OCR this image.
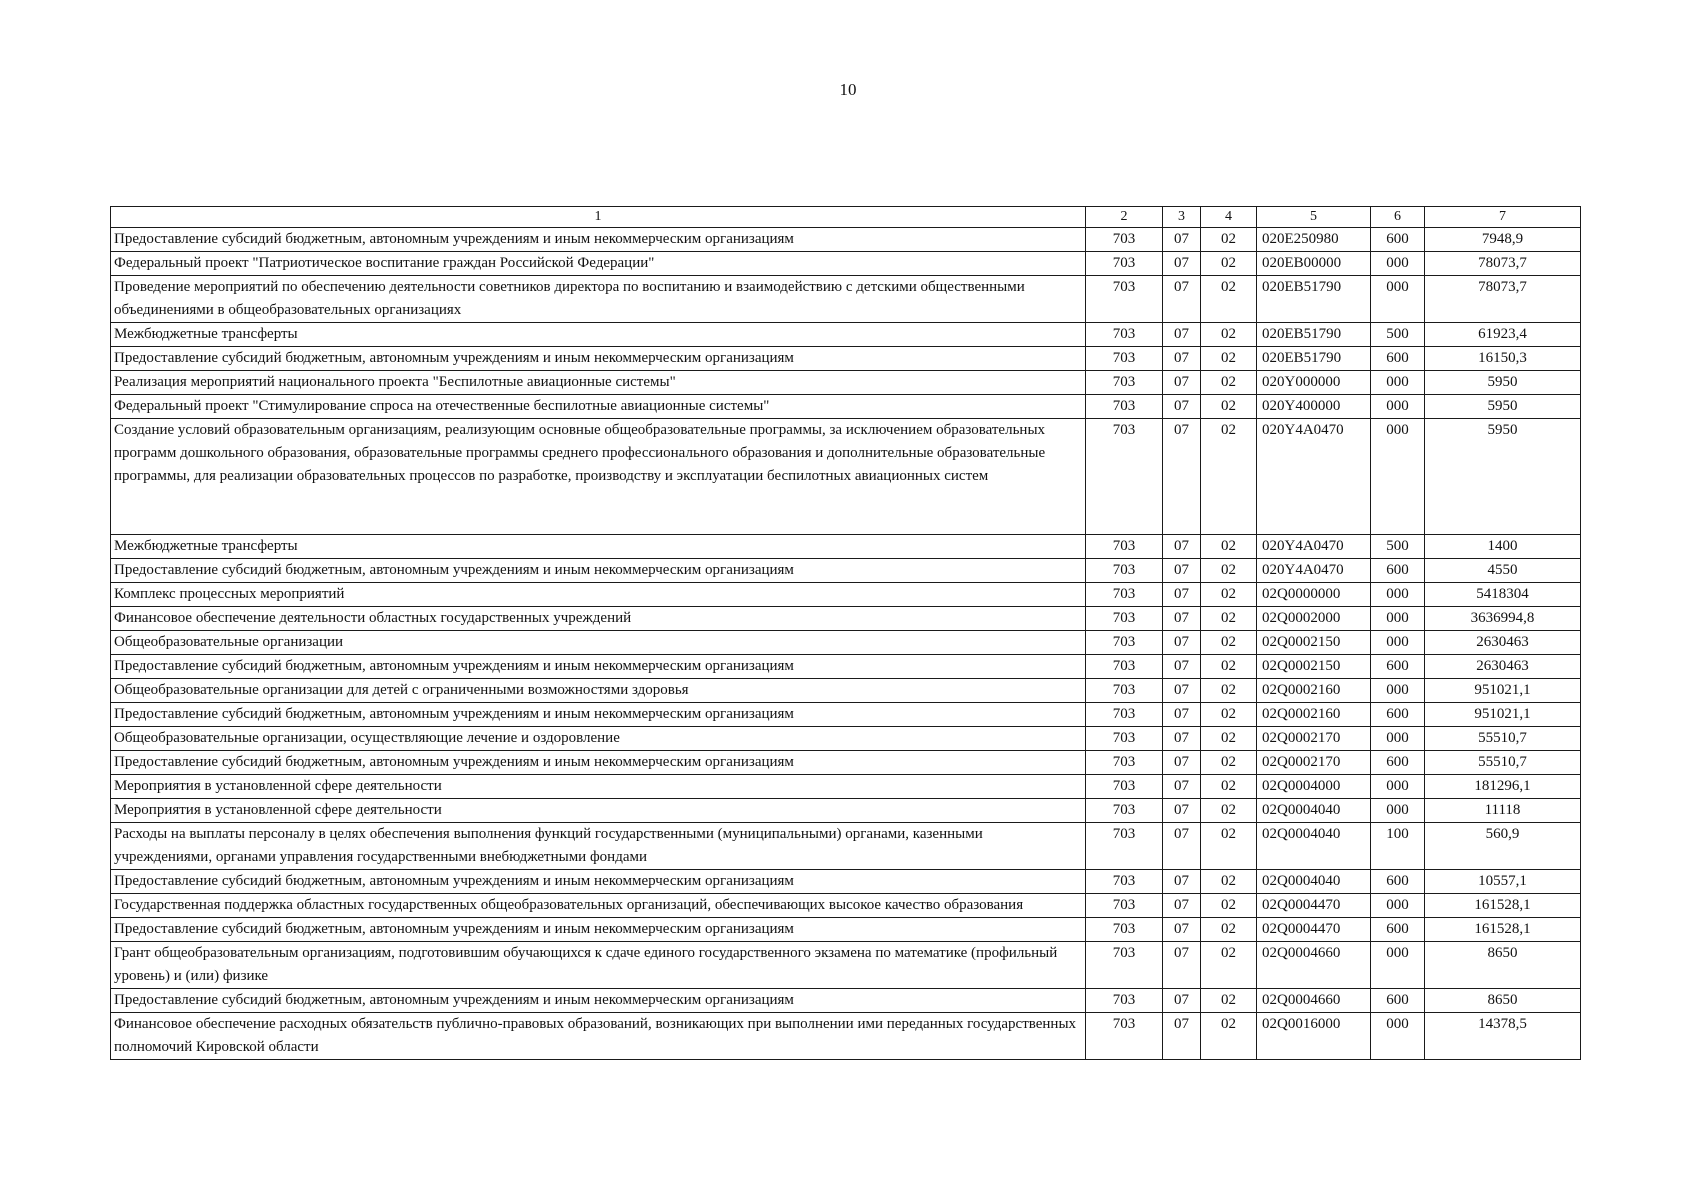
10
1	2	3	4	5	6	7
Предоставление субсидий бюджетным, автономным учреждениям и иным некоммерческим организациям	703	07	02	020E250980	600	7948,9
Федеральный проект "Патриотическое воспитание граждан Российской Федерации"	703	07	02	020EB00000	000	78073,7
Проведение мероприятий по обеспечению деятельности советников директора по воспитанию и взаимодействию с детскими общественными объединениями в общеобразовательных организациях	703	07	02	020EB51790	000	78073,7
Межбюджетные трансферты	703	07	02	020EB51790	500	61923,4
Предоставление субсидий бюджетным, автономным учреждениям и иным некоммерческим организациям	703	07	02	020EB51790	600	16150,3
Реализация мероприятий национального проекта "Беспилотные авиационные системы"	703	07	02	020Y000000	000	5950
Федеральный проект "Стимулирование спроса на отечественные беспилотные авиационные системы"	703	07	02	020Y400000	000	5950
Создание условий образовательным организациям, реализующим основные общеобразовательные программы, за исключением образовательных программ дошкольного образования, образовательные программы среднего профессионального образования и дополнительные образовательные программы, для реализации образовательных процессов по разработке, производству и эксплуатации беспилотных авиационных систем	703	07	02	020Y4A0470	000	5950
Межбюджетные трансферты	703	07	02	020Y4A0470	500	1400
Предоставление субсидий бюджетным, автономным учреждениям и иным некоммерческим организациям	703	07	02	020Y4A0470	600	4550
Комплекс процессных мероприятий	703	07	02	02Q0000000	000	5418304
Финансовое обеспечение деятельности областных государственных учреждений	703	07	02	02Q0002000	000	3636994,8
Общеобразовательные организации	703	07	02	02Q0002150	000	2630463
Предоставление субсидий бюджетным, автономным учреждениям и иным некоммерческим организациям	703	07	02	02Q0002150	600	2630463
Общеобразовательные организации для детей с ограниченными возможностями здоровья	703	07	02	02Q0002160	000	951021,1
Предоставление субсидий бюджетным, автономным учреждениям и иным некоммерческим организациям	703	07	02	02Q0002160	600	951021,1
Общеобразовательные организации, осуществляющие лечение и оздоровление	703	07	02	02Q0002170	000	55510,7
Предоставление субсидий бюджетным, автономным учреждениям и иным некоммерческим организациям	703	07	02	02Q0002170	600	55510,7
Мероприятия в установленной сфере деятельности	703	07	02	02Q0004000	000	181296,1
Мероприятия в установленной сфере деятельности	703	07	02	02Q0004040	000	11118
Расходы на выплаты персоналу в целях обеспечения выполнения функций государственными (муниципальными) органами, казенными учреждениями, органами управления государственными внебюджетными фондами	703	07	02	02Q0004040	100	560,9
Предоставление субсидий бюджетным, автономным учреждениям и иным некоммерческим организациям	703	07	02	02Q0004040	600	10557,1
Государственная поддержка областных государственных общеобразовательных организаций, обеспечивающих высокое качество образования	703	07	02	02Q0004470	000	161528,1
Предоставление субсидий бюджетным, автономным учреждениям и иным некоммерческим организациям	703	07	02	02Q0004470	600	161528,1
Грант общеобразовательным организациям, подготовившим обучающихся к сдаче единого государственного экзамена по математике (профильный уровень) и (или) физике	703	07	02	02Q0004660	000	8650
Предоставление субсидий бюджетным, автономным учреждениям и иным некоммерческим организациям	703	07	02	02Q0004660	600	8650
Финансовое обеспечение расходных обязательств публично-правовых образований, возникающих при выполнении ими переданных государственных полномочий Кировской области	703	07	02	02Q0016000	000	14378,5
